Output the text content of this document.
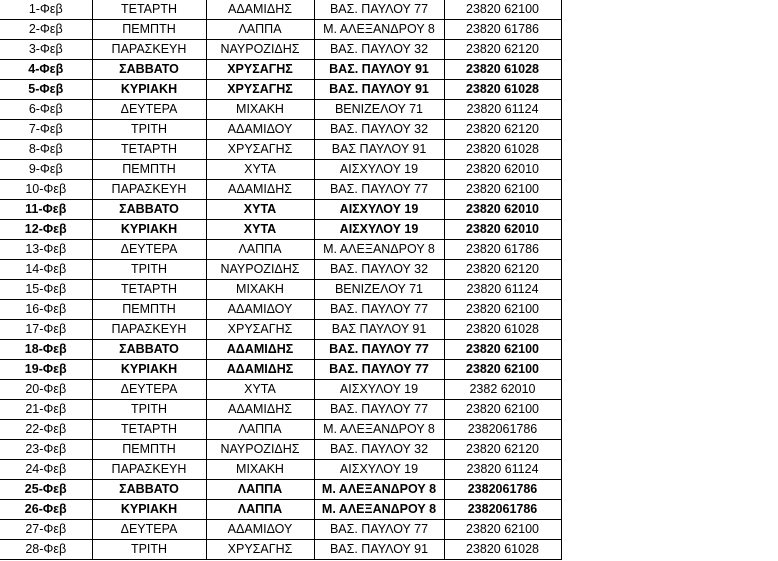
1-Φεβ	ΤΕΤΑΡΤΗ	ΑΔΑΜΙΔΗΣ	ΒΑΣ. ΠΑΥΛΟΥ 77	23820 62100
2-Φεβ	ΠΕΜΠΤΗ	ΛΑΠΠΑ	Μ. ΑΛΕΞΑΝΔΡΟΥ 8	23820 61786
3-Φεβ	ΠΑΡΑΣΚΕΥΗ	ΝΑΥΡΟΖΙΔΗΣ	ΒΑΣ. ΠΑΥΛΟΥ 32	23820 62120
4-Φεβ	ΣΑΒΒΑΤΟ	ΧΡΥΣΑΓΗΣ	ΒΑΣ. ΠΑΥΛΟΥ 91	23820 61028
5-Φεβ	ΚΥΡΙΑΚΗ	ΧΡΥΣΑΓΗΣ	ΒΑΣ. ΠΑΥΛΟΥ 91	23820 61028
6-Φεβ	ΔΕΥΤΕΡΑ	ΜΙΧΑΚΗ	ΒΕΝΙΖΕΛΟΥ 71	23820 61124
7-Φεβ	ΤΡΙΤΗ	ΑΔΑΜΙΔΟΥ	ΒΑΣ. ΠΑΥΛΟΥ 32	23820 62120
8-Φεβ	ΤΕΤΑΡΤΗ	ΧΡΥΣΑΓΗΣ	ΒΑΣ ΠΑΥΛΟΥ 91	23820 61028
9-Φεβ	ΠΕΜΠΤΗ	ΧΥΤΑ	ΑΙΣΧΥΛΟΥ 19	23820 62010
10-Φεβ	ΠΑΡΑΣΚΕΥΗ	ΑΔΑΜΙΔΗΣ	ΒΑΣ. ΠΑΥΛΟΥ 77	23820 62100
11-Φεβ	ΣΑΒΒΑΤΟ	ΧΥΤΑ	ΑΙΣΧΥΛΟΥ 19	23820 62010
12-Φεβ	ΚΥΡΙΑΚΗ	ΧΥΤΑ	ΑΙΣΧΥΛΟΥ 19	23820 62010
13-Φεβ	ΔΕΥΤΕΡΑ	ΛΑΠΠΑ	Μ. ΑΛΕΞΑΝΔΡΟΥ 8	23820 61786
14-Φεβ	ΤΡΙΤΗ	ΝΑΥΡΟΖΙΔΗΣ	ΒΑΣ. ΠΑΥΛΟΥ 32	23820 62120
15-Φεβ	ΤΕΤΑΡΤΗ	ΜΙΧΑΚΗ	ΒΕΝΙΖΕΛΟΥ 71	23820 61124
16-Φεβ	ΠΕΜΠΤΗ	ΑΔΑΜΙΔΟΥ	ΒΑΣ. ΠΑΥΛΟΥ 77	23820 62100
17-Φεβ	ΠΑΡΑΣΚΕΥΗ	ΧΡΥΣΑΓΗΣ	ΒΑΣ ΠΑΥΛΟΥ 91	23820 61028
18-Φεβ	ΣΑΒΒΑΤΟ	ΑΔΑΜΙΔΗΣ	ΒΑΣ. ΠΑΥΛΟΥ 77	23820 62100
19-Φεβ	ΚΥΡΙΑΚΗ	ΑΔΑΜΙΔΗΣ	ΒΑΣ. ΠΑΥΛΟΥ 77	23820 62100
20-Φεβ	ΔΕΥΤΕΡΑ	ΧΥΤΑ	ΑΙΣΧΥΛΟΥ 19	2382 62010
21-Φεβ	ΤΡΙΤΗ	ΑΔΑΜΙΔΗΣ	ΒΑΣ. ΠΑΥΛΟΥ 77	23820 62100
22-Φεβ	ΤΕΤΑΡΤΗ	ΛΑΠΠΑ	Μ. ΑΛΕΞΑΝΔΡΟΥ 8	2382061786
23-Φεβ	ΠΕΜΠΤΗ	ΝΑΥΡΟΖΙΔΗΣ	ΒΑΣ. ΠΑΥΛΟΥ 32	23820 62120
24-Φεβ	ΠΑΡΑΣΚΕΥΗ	ΜΙΧΑΚΗ	ΑΙΣΧΥΛΟΥ 19	23820 61124
25-Φεβ	ΣΑΒΒΑΤΟ	ΛΑΠΠΑ	Μ. ΑΛΕΞΑΝΔΡΟΥ 8	2382061786
26-Φεβ	ΚΥΡΙΑΚΗ	ΛΑΠΠΑ	Μ. ΑΛΕΞΑΝΔΡΟΥ 8	2382061786
27-Φεβ	ΔΕΥΤΕΡΑ	ΑΔΑΜΙΔΟΥ	ΒΑΣ. ΠΑΥΛΟΥ 77	23820 62100
28-Φεβ	ΤΡΙΤΗ	ΧΡΥΣΑΓΗΣ	ΒΑΣ. ΠΑΥΛΟΥ 91	23820 61028
